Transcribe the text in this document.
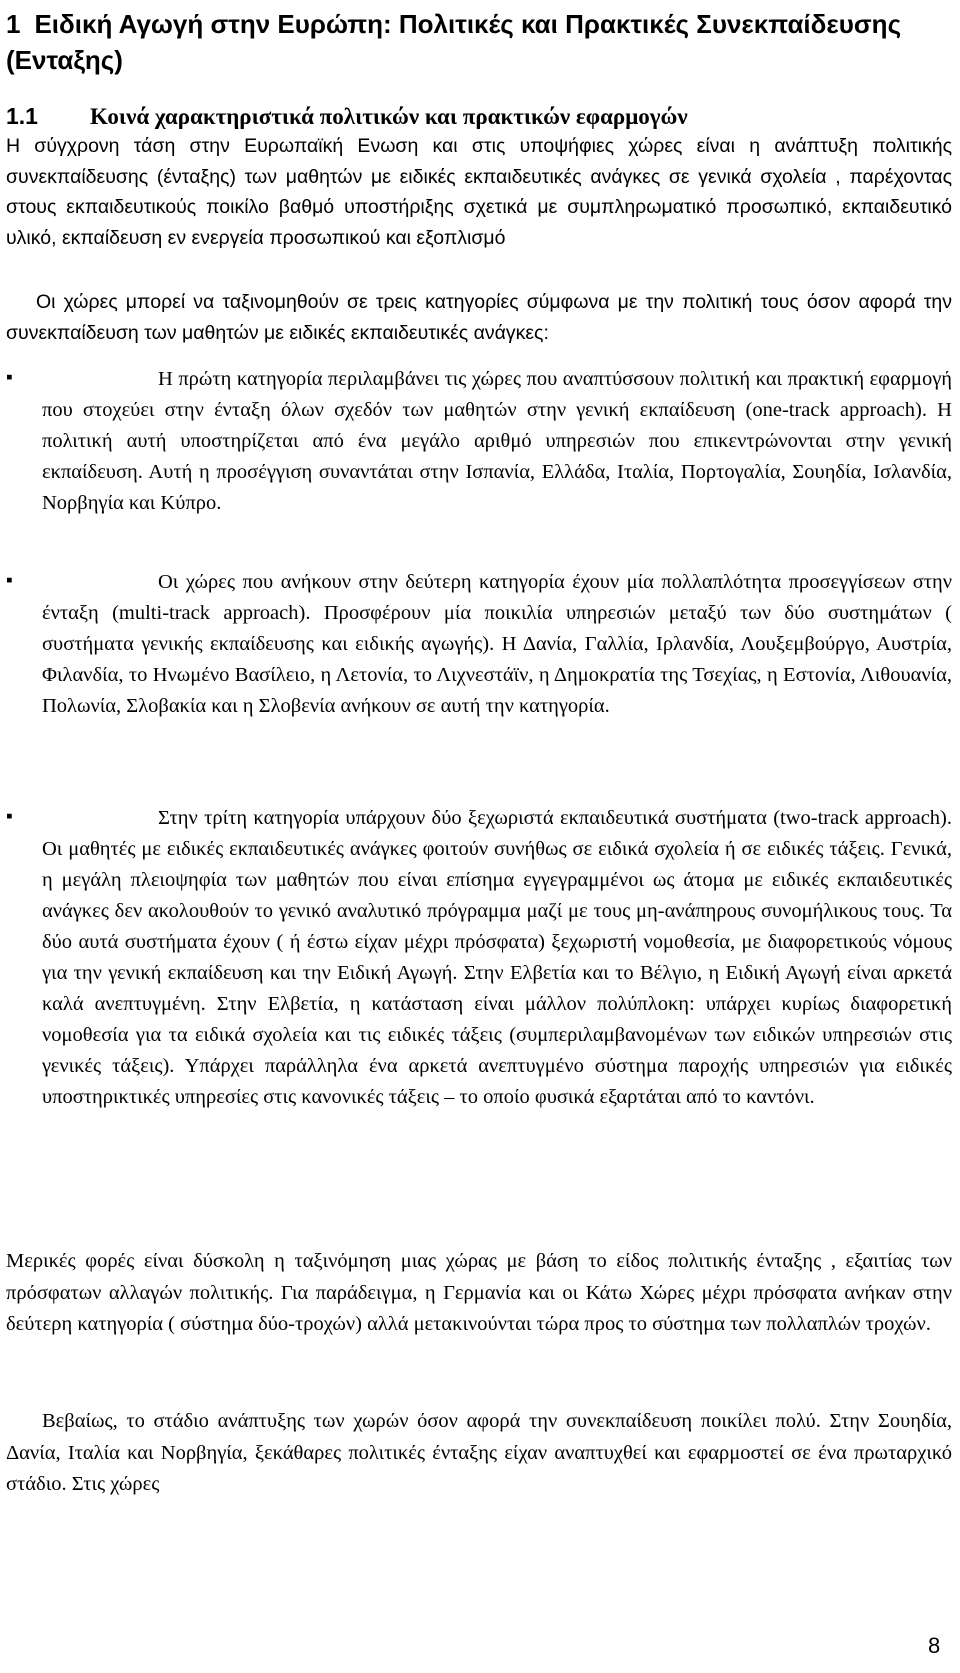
1 Ειδική Αγωγή στην Ευρώπη: Πολιτικές και Πρακτικές Συνεκπαίδευσης (Ενταξης)
1.1 Κοινά χαρακτηριστικά πολιτικών και πρακτικών εφαρμογών

Η σύγχρονη τάση στην Ευρωπαϊκή Ενωση και στις υποψήφιες χώρες είναι η ανάπτυξη πολιτικής συνεκπαίδευσης (ένταξης) των μαθητών με ειδικές εκπαιδευτικές ανάγκες σε γενικά σχολεία , παρέχοντας στους εκπαιδευτικούς ποικίλο βαθμό υποστήριξης σχετικά με συμπληρωματικό προσωπικό, εκπαιδευτικό υλικό, εκπαίδευση εν ενεργεία προσωπικού και εξοπλισμό

Οι χώρες μπορεί να ταξινομηθούν σε τρεις κατηγορίες σύμφωνα με την πολιτική τους όσον αφορά την συνεκπαίδευση των μαθητών με ειδικές εκπαιδευτικές ανάγκες:

▪	Η πρώτη κατηγορία περιλαμβάνει τις χώρες που αναπτύσσουν πολιτική και πρακτική εφαρμογή που στοχεύει στην ένταξη όλων σχεδόν των μαθητών στην γενική εκπαίδευση (one-track approach). Η πολιτική αυτή υποστηρίζεται από ένα μεγάλο αριθμό υπηρεσιών που επικεντρώνονται στην γενική εκπαίδευση. Αυτή η προσέγγιση συναντάται στην Ισπανία, Ελλάδα, Ιταλία, Πορτογαλία, Σουηδία, Ισλανδία, Νορβηγία και Κύπρο.

▪	Οι χώρες που ανήκουν στην δεύτερη κατηγορία έχουν μία πολλαπλότητα προσεγγίσεων στην ένταξη (multi-track approach). Προσφέρουν μία ποικιλία υπηρεσιών μεταξύ των δύο συστημάτων ( συστήματα γενικής εκπαίδευσης και ειδικής αγωγής). Η Δανία, Γαλλία, Ιρλανδία, Λουξεμβούργο, Αυστρία, Φιλανδία, το Ηνωμένο Βασίλειο, η Λετονία, το Λιχνεστάϊν, η Δημοκρατία της Τσεχίας, η Εστονία, Λιθουανία, Πολωνία, Σλοβακία και η Σλοβενία ανήκουν σε αυτή την κατηγορία.

▪	Στην τρίτη κατηγορία υπάρχουν δύο ξεχωριστά εκπαιδευτικά συστήματα (two-track approach). Οι μαθητές με ειδικές εκπαιδευτικές ανάγκες φοιτούν συνήθως σε ειδικά σχολεία ή σε ειδικές τάξεις. Γενικά, η μεγάλη πλειοψηφία των μαθητών που είναι επίσημα εγγεγραμμένοι ως άτομα με ειδικές εκπαιδευτικές ανάγκες δεν ακολουθούν το γενικό αναλυτικό πρόγραμμα μαζί με τους μη-ανάπηρους συνομήλικους τους. Τα δύο αυτά συστήματα έχουν ( ή έστω είχαν μέχρι πρόσφατα) ξεχωριστή νομοθεσία, με διαφορετικούς νόμους για την γενική εκπαίδευση και την Ειδική Αγωγή. Στην Ελβετία και το Βέλγιο, η Ειδική Αγωγή είναι αρκετά καλά ανεπτυγμένη. Στην Ελβετία, η κατάσταση είναι μάλλον πολύπλοκη: υπάρχει κυρίως διαφορετική νομοθεσία για τα ειδικά σχολεία και τις ειδικές τάξεις (συμπεριλαμβανομένων των ειδικών υπηρεσιών στις γενικές τάξεις). Υπάρχει παράλληλα ένα αρκετά ανεπτυγμένο σύστημα παροχής υπηρεσιών για ειδικές υποστηρικτικές υπηρεσίες στις κανονικές τάξεις – το οποίο φυσικά εξαρτάται από το καντόνι.

Μερικές φορές είναι δύσκολη η ταξινόμηση μιας χώρας με βάση το είδος πολιτικής ένταξης , εξαιτίας των πρόσφατων αλλαγών πολιτικής. Για παράδειγμα, η Γερμανία και οι Κάτω Χώρες μέχρι πρόσφατα ανήκαν στην δεύτερη κατηγορία ( σύστημα δύο-τροχών) αλλά μετακινούνται τώρα προς το σύστημα των πολλαπλών τροχών.

Βεβαίως, το στάδιο ανάπτυξης των χωρών όσον αφορά την συνεκπαίδευση ποικίλει πολύ. Στην Σουηδία, Δανία, Ιταλία και Νορβηγία, ξεκάθαρες πολιτικές ένταξης είχαν αναπτυχθεί και εφαρμοστεί σε ένα πρωταρχικό στάδιο. Στις χώρες

8
